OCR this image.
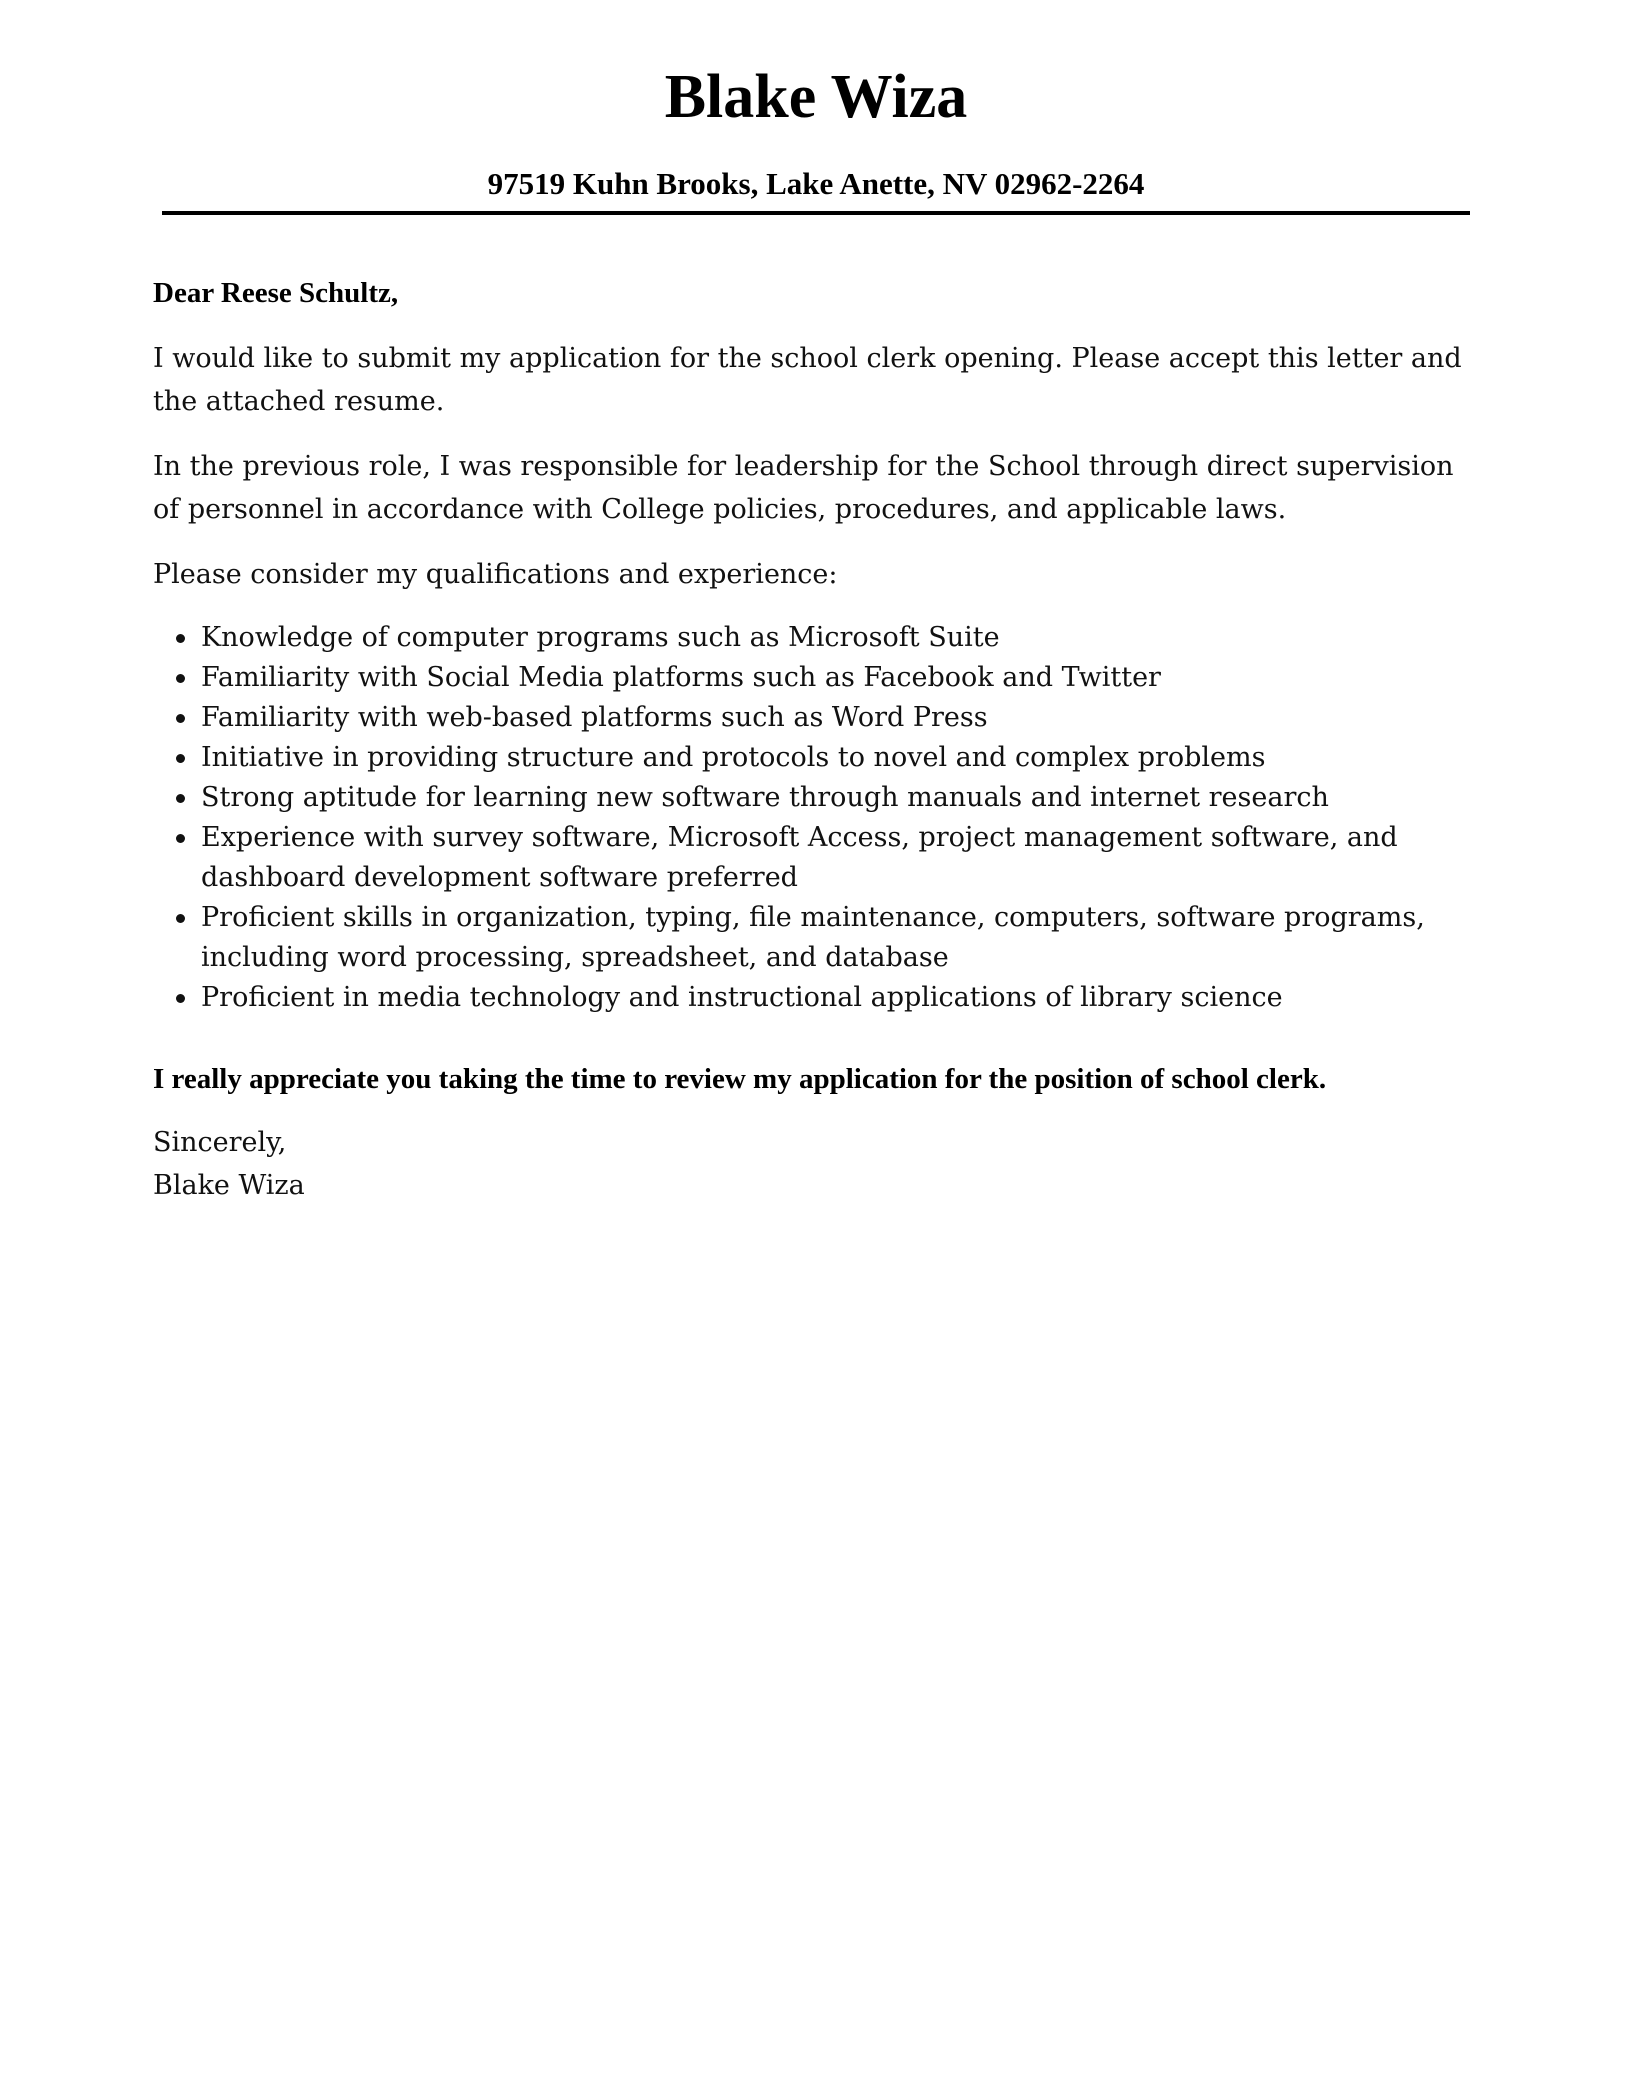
Blake Wiza
97519 Kuhn Brooks, Lake Anette, NV 02962-2264

Dear Reese Schultz,

I would like to submit my application for the school clerk opening. Please accept this letter and the attached resume.

In the previous role, I was responsible for leadership for the School through direct supervision of personnel in accordance with College policies, procedures, and applicable laws.

Please consider my qualifications and experience:

Knowledge of computer programs such as Microsoft Suite
Familiarity with Social Media platforms such as Facebook and Twitter
Familiarity with web-based platforms such as Word Press
Initiative in providing structure and protocols to novel and complex problems
Strong aptitude for learning new software through manuals and internet research
Experience with survey software, Microsoft Access, project management software, and dashboard development software preferred
Proficient skills in organization, typing, file maintenance, computers, software programs, including word processing, spreadsheet, and database
Proficient in media technology and instructional applications of library science

I really appreciate you taking the time to review my application for the position of school clerk.

Sincerely,

Blake Wiza
